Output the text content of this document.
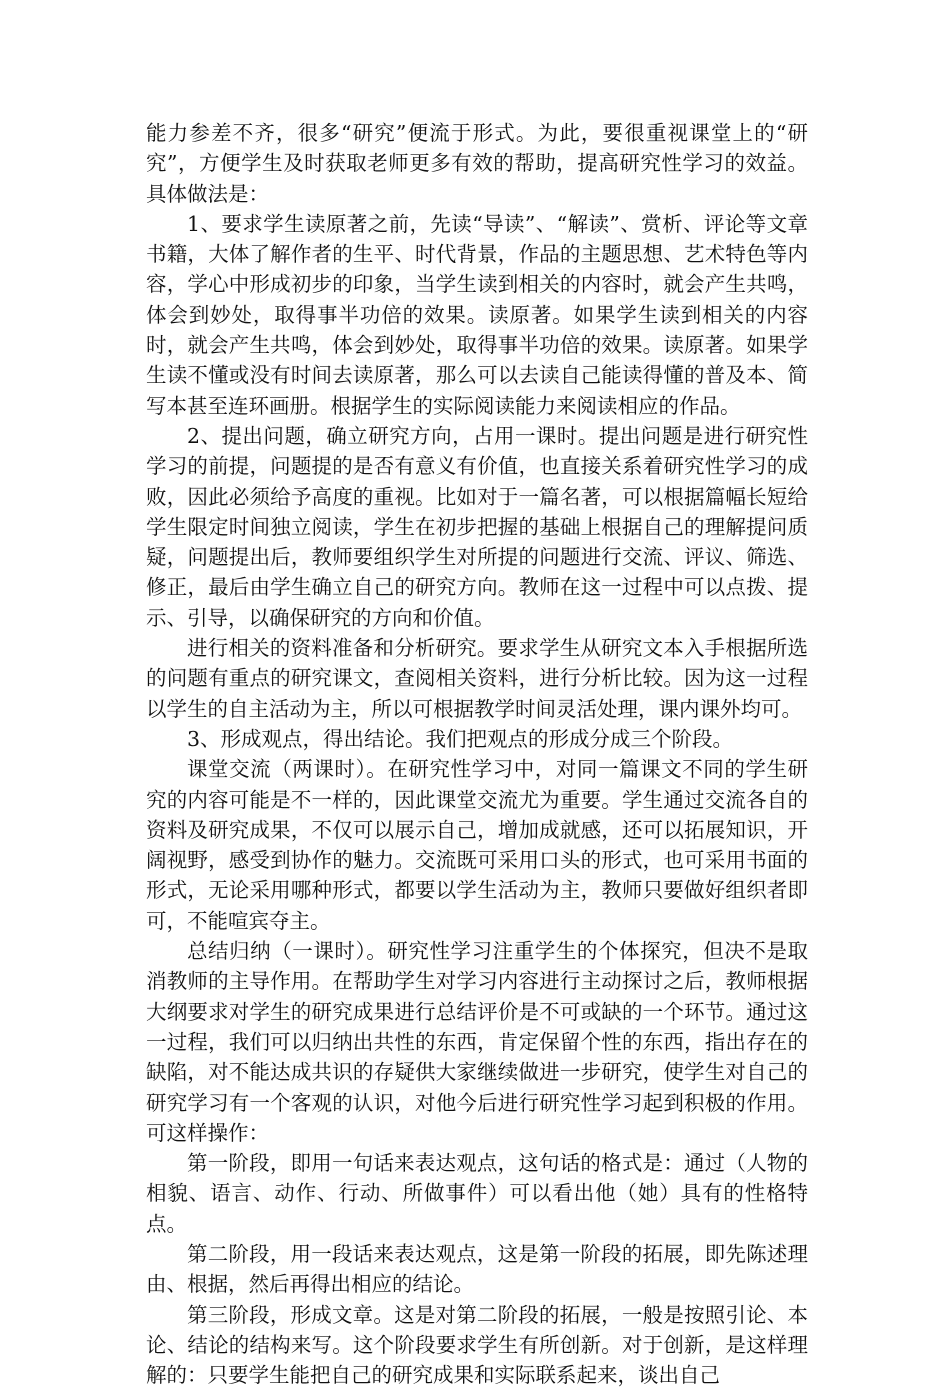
能力参差不齐，很多“研究”便流于形式。为此，要很重视课堂上的“研究”，方便学生及时获取老师更多有效的帮助，提高研究性学习的效益。具体做法是：

1、要求学生读原著之前，先读“导读”、“解读”、赏析、评论等文章书籍，大体了解作者的生平、时代背景，作品的主题思想、艺术特色等内容，学心中形成初步的印象，当学生读到相关的内容时，就会产生共鸣，体会到妙处，取得事半功倍的效果。读原著。如果学生读到相关的内容时，就会产生共鸣，体会到妙处，取得事半功倍的效果。读原著。如果学生读不懂或没有时间去读原著，那么可以去读自己能读得懂的普及本、简写本甚至连环画册。根据学生的实际阅读能力来阅读相应的作品。

2、提出问题，确立研究方向，占用一课时。提出问题是进行研究性学习的前提，问题提的是否有意义有价值，也直接关系着研究性学习的成败，因此必须给予高度的重视。比如对于一篇名著，可以根据篇幅长短给学生限定时间独立阅读，学生在初步把握的基础上根据自己的理解提问质疑，问题提出后，教师要组织学生对所提的问题进行交流、评议、筛选、修正，最后由学生确立自己的研究方向。教师在这一过程中可以点拨、提示、引导，以确保研究的方向和价值。

进行相关的资料准备和分析研究。要求学生从研究文本入手根据所选的问题有重点的研究课文，查阅相关资料，进行分析比较。因为这一过程以学生的自主活动为主，所以可根据教学时间灵活处理，课内课外均可。

3、形成观点，得出结论。我们把观点的形成分成三个阶段。

课堂交流（两课时）。在研究性学习中，对同一篇课文不同的学生研究的内容可能是不一样的，因此课堂交流尤为重要。学生通过交流各自的资料及研究成果，不仅可以展示自己，增加成就感，还可以拓展知识，开阔视野，感受到协作的魅力。交流既可采用口头的形式，也可采用书面的形式，无论采用哪种形式，都要以学生活动为主，教师只要做好组织者即可，不能喧宾夺主。

总结归纳（一课时）。研究性学习注重学生的个体探究，但决不是取消教师的主导作用。在帮助学生对学习内容进行主动探讨之后，教师根据大纲要求对学生的研究成果进行总结评价是不可或缺的一个环节。通过这一过程，我们可以归纳出共性的东西，肯定保留个性的东西，指出存在的缺陷，对不能达成共识的存疑供大家继续做进一步研究，使学生对自己的研究学习有一个客观的认识，对他今后进行研究性学习起到积极的作用。可这样操作：

第一阶段，即用一句话来表达观点，这句话的格式是：通过（人物的相貌、语言、动作、行动、所做事件）可以看出他（她）具有的性格特点。

第二阶段，用一段话来表达观点，这是第一阶段的拓展，即先陈述理由、根据，然后再得出相应的结论。

第三阶段，形成文章。这是对第二阶段的拓展，一般是按照引论、本论、结论的结构来写。这个阶段要求学生有所创新。对于创新，是这样理解的：只要学生能把自己的研究成果和实际联系起来，谈出自己
